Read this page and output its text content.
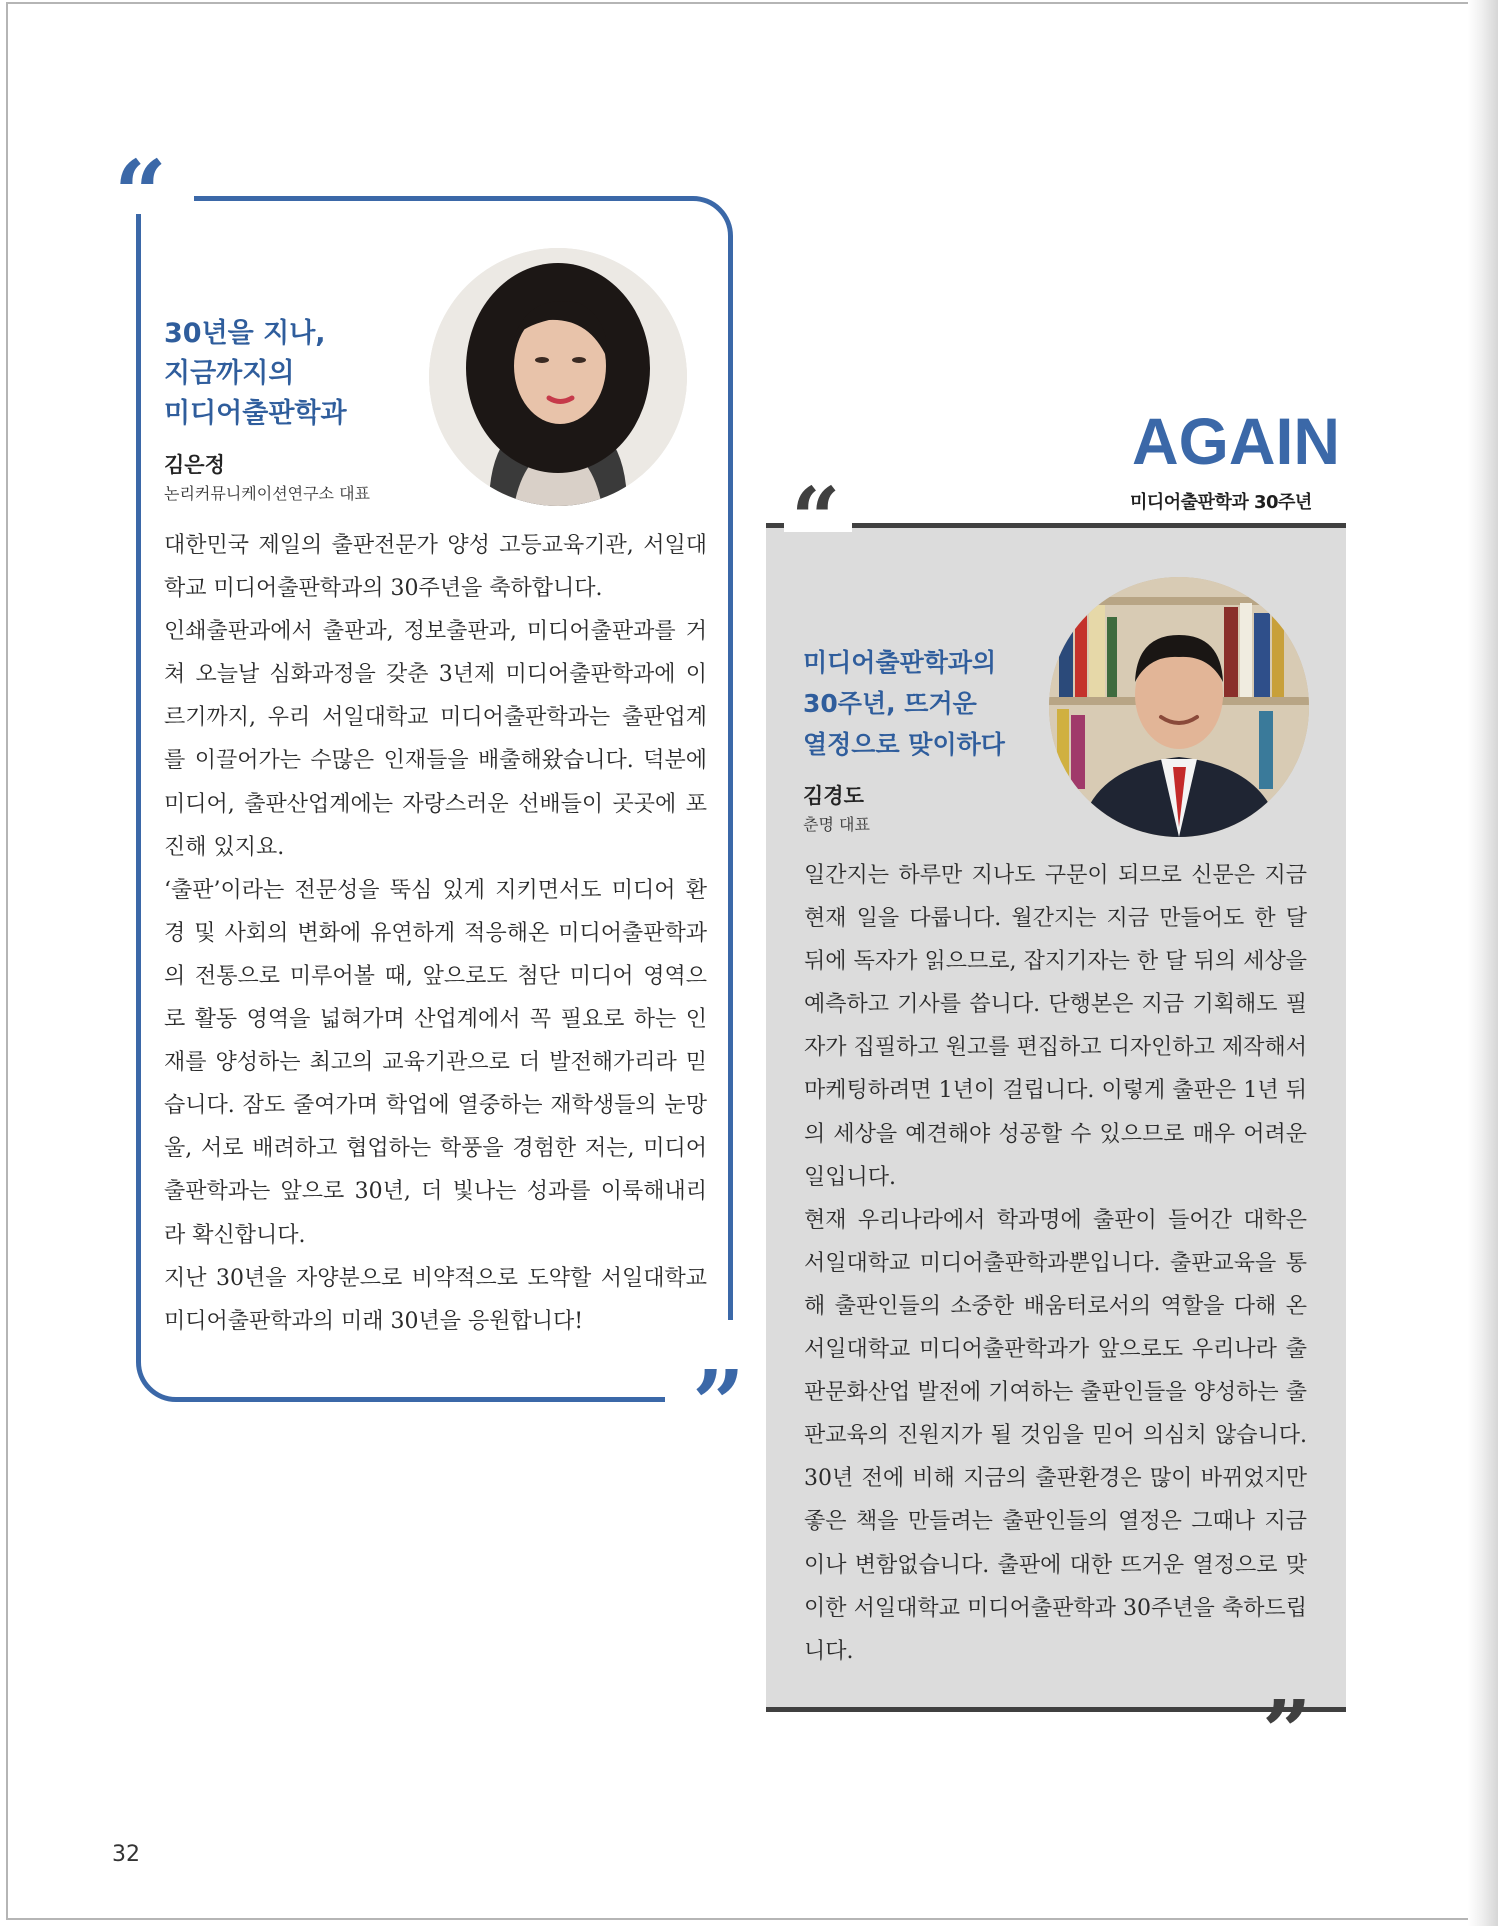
“
”
30년을 지나,
지금까지의
미디어출판학과
김은정
논리커뮤니케이션연구소 대표

대한민국 제일의 출판전문가 양성 고등교육기관, 서일대학교 미디어출판학과의 30주년을 축하합니다.

인쇄출판과에서 출판과, 정보출판과, 미디어출판과를 거쳐 오늘날 심화과정을 갖춘 3년제 미디어출판학과에 이르기까지, 우리 서일대학교 미디어출판학과는 출판업계를 이끌어가는 수많은 인재들을 배출해왔습니다. 덕분에 미디어, 출판산업계에는 자랑스러운 선배들이 곳곳에 포진해 있지요.

‘출판’이라는 전문성을 뚝심 있게 지키면서도 미디어 환경 및 사회의 변화에 유연하게 적응해온 미디어출판학과의 전통으로 미루어볼 때, 앞으로도 첨단 미디어 영역으로 활동 영역을 넓혀가며 산업계에서 꼭 필요로 하는 인재를 양성하는 최고의 교육기관으로 더 발전해가리라 믿습니다. 잠도 줄여가며 학업에 열중하는 재학생들의 눈망울, 서로 배려하고 협업하는 학풍을 경험한 저는, 미디어출판학과는 앞으로 30년, 더 빛나는 성과를 이룩해내리라 확신합니다.

지난 30년을 자양분으로 비약적으로 도약할 서일대학교 미디어출판학과의 미래 30년을 응원합니다!

AGAIN
미디어출판학과 30주년
“
”
미디어출판학과의
30주년, 뜨거운
열정으로 맞이하다
김경도
춘명 대표

일간지는 하루만 지나도 구문이 되므로 신문은 지금 현재 일을 다룹니다. 월간지는 지금 만들어도 한 달 뒤에 독자가 읽으므로, 잡지기자는 한 달 뒤의 세상을 예측하고 기사를 씁니다. 단행본은 지금 기획해도 필자가 집필하고 원고를 편집하고 디자인하고 제작해서 마케팅하려면 1년이 걸립니다. 이렇게 출판은 1년 뒤의 세상을 예견해야 성공할 수 있으므로 매우 어려운 일입니다.

현재 우리나라에서 학과명에 출판이 들어간 대학은 서일대학교 미디어출판학과뿐입니다. 출판교육을 통해 출판인들의 소중한 배움터로서의 역할을 다해 온 서일대학교 미디어출판학과가 앞으로도 우리나라 출판문화산업 발전에 기여하는 출판인들을 양성하는 출판교육의 진원지가 될 것임을 믿어 의심치 않습니다. 30년 전에 비해 지금의 출판환경은 많이 바뀌었지만 좋은 책을 만들려는 출판인들의 열정은 그때나 지금이나 변함없습니다. 출판에 대한 뜨거운 열정으로 맞이한 서일대학교 미디어출판학과 30주년을 축하드립니다.

32
